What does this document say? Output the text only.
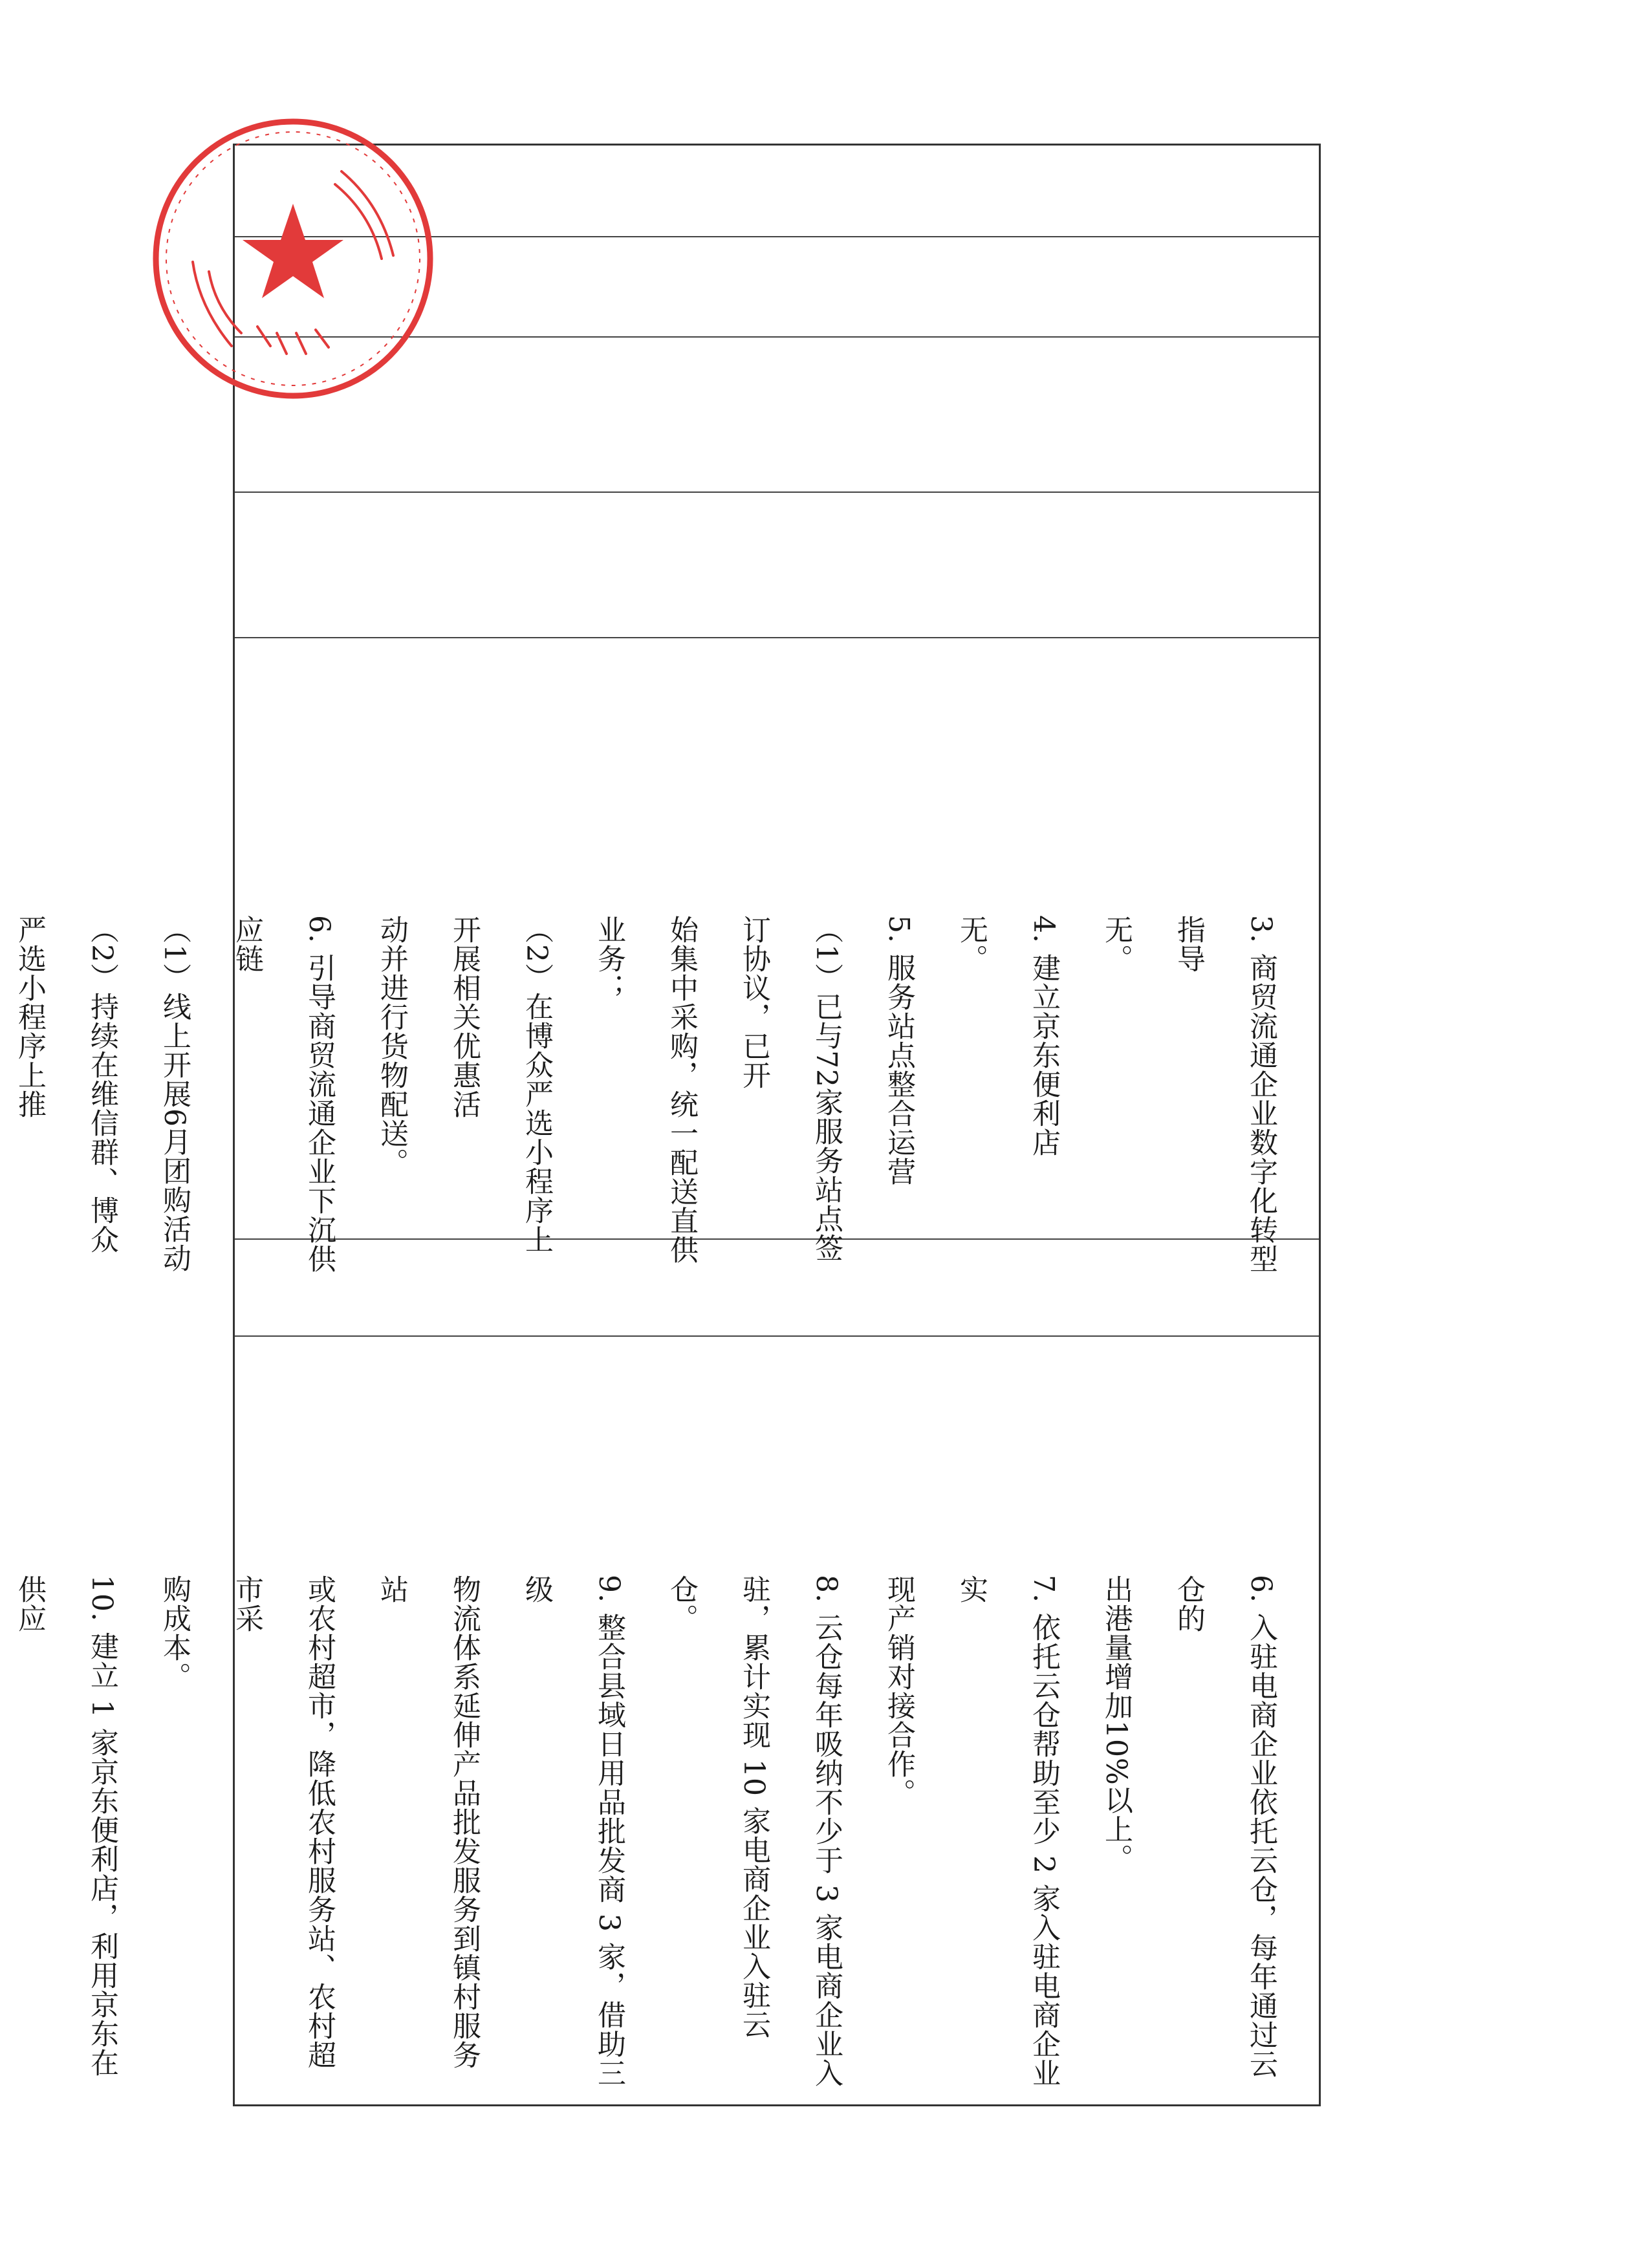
3. 商贸流通企业数字化转型指导

无。

4. 建立京东便利店

无。

5. 服务站点整合运营

（1）已与72家服务站点签订协议，已开

始集中采购，统一配送直供业务；

（2）在博众严选小程序上开展相关优惠活

动并进行货物配送。

6. 引导商贸流通企业下沉供应链

（1）线上开展6月团购活动

（2）持续在维信群、博众严选小程序上推

6. 入驻电商企业依托云仓，每年通过云仓的

出港量增加10%以上。

7. 依托云仓帮助至少 2 家入驻电商企业实

现产销对接合作。

8. 云仓每年吸纳不少于 3 家电商企业入

驻，累计实现 10 家电商企业入驻云仓。

9. 整合县域日用品批发商 3 家，借助三级

物流体系延伸产品批发服务到镇村服务站

或农村超市，降低农村服务站、农村超市采

购成本。

10. 建立 1 家京东便利店，利用京东在供应
